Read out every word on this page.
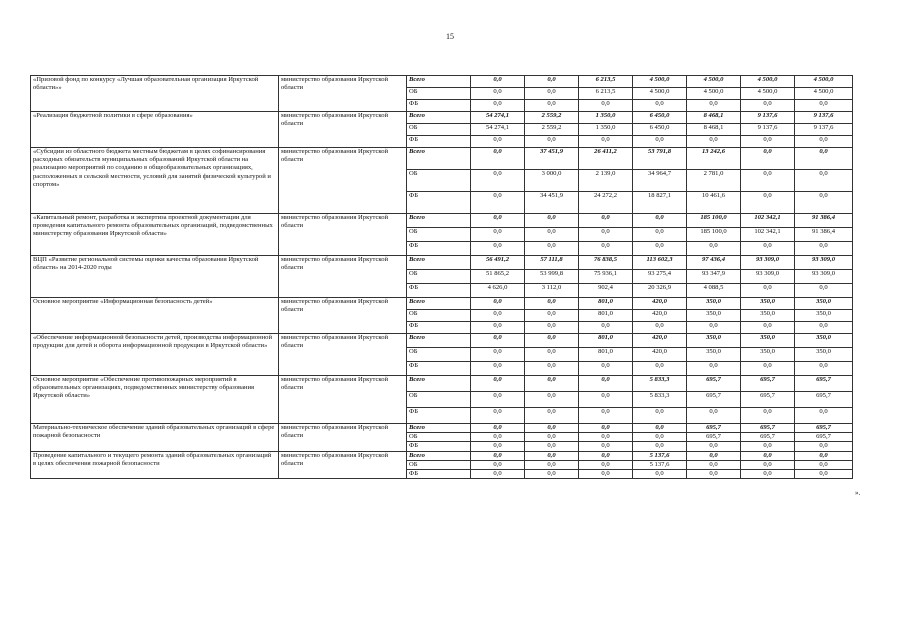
15
«Призовой фонд по конкурсу «Лучшая образовательная организация Иркутской области»»	министерство образования Иркутской области	Всего	0,0	0,0	6 213,5	4 500,0	4 500,0	4 500,0	4 500,0
		ОБ	0,0	0,0	6 213,5	4 500,0	4 500,0	4 500,0	4 500,0
		ФБ	0,0	0,0	0,0	0,0	0,0	0,0	0,0
«Реализация бюджетной политики в сфере образования»	министерство образования Иркутской области	Всего	54 274,1	2 559,2	1 350,0	6 450,0	8 468,1	9 137,6	9 137,6
		ОБ	54 274,1	2 559,2	1 350,0	6 450,0	8 468,1	9 137,6	9 137,6
		ФБ	0,0	0,0	0,0	0,0	0,0	0,0	0,0
«Субсидии из областного бюджета местным бюджетам в целях софинансирования расходных обязательств муниципальных образований Иркутской области на реализацию мероприятий по созданию в общеобразовательных организациях, расположенных в сельской местности, условий для занятий физической культурой и спортом»	министерство образования Иркутской области	Всего	0,0	37 451,9	26 411,2	53 791,8	13 242,6	0,0	0,0
		ОБ	0,0	3 000,0	2 139,0	34 964,7	2 781,0	0,0	0,0
		ФБ	0,0	34 451,9	24 272,2	18 827,1	10 461,6	0,0	0,0
«Капитальный ремонт, разработка и экспертиза проектной документации для проведения капитального ремонта образовательных организаций, подведомственных министерству образования Иркутской области»	министерство образования Иркутской области	Всего	0,0	0,0	0,0	0,0	185 100,0	102 342,1	91 386,4
		ОБ	0,0	0,0	0,0	0,0	185 100,0	102 342,1	91 386,4
		ФБ	0,0	0,0	0,0	0,0	0,0	0,0	0,0
ВЦП «Развитие региональной системы оценки качества образования Иркутской области» на 2014-2020 годы	министерство образования Иркутской области	Всего	56 491,2	57 111,8	76 838,5	113 602,3	97 436,4	93 309,0	93 309,0
		ОБ	51 865,2	53 999,8	75 936,1	93 275,4	93 347,9	93 309,0	93 309,0
		ФБ	4 626,0	3 112,0	902,4	20 326,9	4 088,5	0,0	0,0
Основное мероприятие «Информационная безопасность детей»	министерство образования Иркутской области	Всего	0,0	0,0	801,0	420,0	350,0	350,0	350,0
		ОБ	0,0	0,0	801,0	420,0	350,0	350,0	350,0
		ФБ	0,0	0,0	0,0	0,0	0,0	0,0	0,0
«Обеспечение информационной безопасности детей, производства информационной продукции для детей и оборота информационной продукции в Иркутской области»	министерство образования Иркутской области	Всего	0,0	0,0	801,0	420,0	350,0	350,0	350,0
		ОБ	0,0	0,0	801,0	420,0	350,0	350,0	350,0
		ФБ	0,0	0,0	0,0	0,0	0,0	0,0	0,0
Основное мероприятие «Обеспечение противопожарных мероприятий в образовательных организациях, подведомственных министерству образования Иркутской области»	министерство образования Иркутской области	Всего	0,0	0,0	0,0	5 833,3	695,7	695,7	695,7
		ОБ	0,0	0,0	0,0	5 833,3	695,7	695,7	695,7
		ФБ	0,0	0,0	0,0	0,0	0,0	0,0	0,0
Материально-техническое обеспечение зданий образовательных организаций в сфере пожарной безопасности	министерство образования Иркутской области	Всего	0,0	0,0	0,0	0,0	695,7	695,7	695,7
		ОБ	0,0	0,0	0,0	0,0	695,7	695,7	695,7
		ФБ	0,0	0,0	0,0	0,0	0,0	0,0	0,0
Проведение капитального и текущего ремонта зданий образовательных организаций в целях обеспечения пожарной безопасности	министерство образования Иркутской области	Всего	0,0	0,0	0,0	5 137,6	0,0	0,0	0,0
		ОБ	0,0	0,0	0,0	5 137,6	0,0	0,0	0,0
		ФБ	0,0	0,0	0,0	0,0	0,0	0,0	0,0
».
